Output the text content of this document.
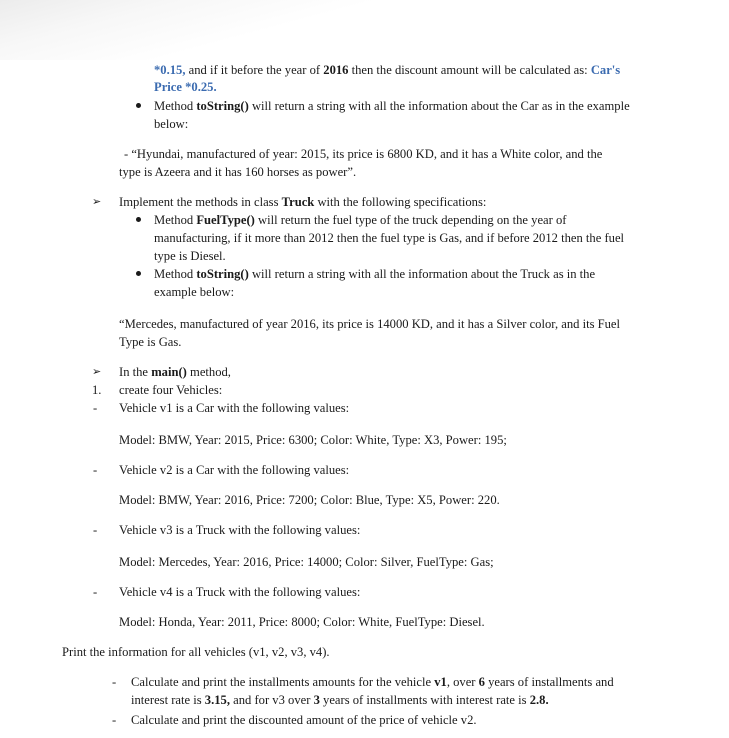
*0.15, and if it before the year of 2016 then the discount amount will be calculated as: Car's
Price *0.25.
Method toString() will return a string with all the information about the Car as in the example
below:
- “Hyundai, manufactured of year: 2015, its price is 6800 KD, and it has a White color, and the
type is Azeera and it has 160 horses as power”.
➢ Implement the methods in class Truck with the following specifications:
Method FuelType() will return the fuel type of the truck depending on the year of
manufacturing, if it more than 2012 then the fuel type is Gas, and if before 2012 then the fuel
type is Diesel.
Method toString() will return a string with all the information about the Truck as in the
example below:
“Mercedes, manufactured of year 2016, its price is 14000 KD, and it has a Silver color, and its Fuel
Type is Gas.
➢ In the main() method,
1. create four Vehicles:
- Vehicle v1 is a Car with the following values:
Model: BMW, Year: 2015, Price: 6300; Color: White, Type: X3, Power: 195;
- Vehicle v2 is a Car with the following values:
Model: BMW, Year: 2016, Price: 7200; Color: Blue, Type: X5, Power: 220.
- Vehicle v3 is a Truck with the following values:
Model: Mercedes, Year: 2016, Price: 14000; Color: Silver, FuelType: Gas;
- Vehicle v4 is a Truck with the following values:
Model: Honda, Year: 2011, Price: 8000; Color: White, FuelType: Diesel.
Print the information for all vehicles (v1, v2, v3, v4).
- Calculate and print the installments amounts for the vehicle v1, over 6 years of installments and
interest rate is 3.15, and for v3 over 3 years of installments with interest rate is 2.8.
- Calculate and print the discounted amount of the price of vehicle v2.
